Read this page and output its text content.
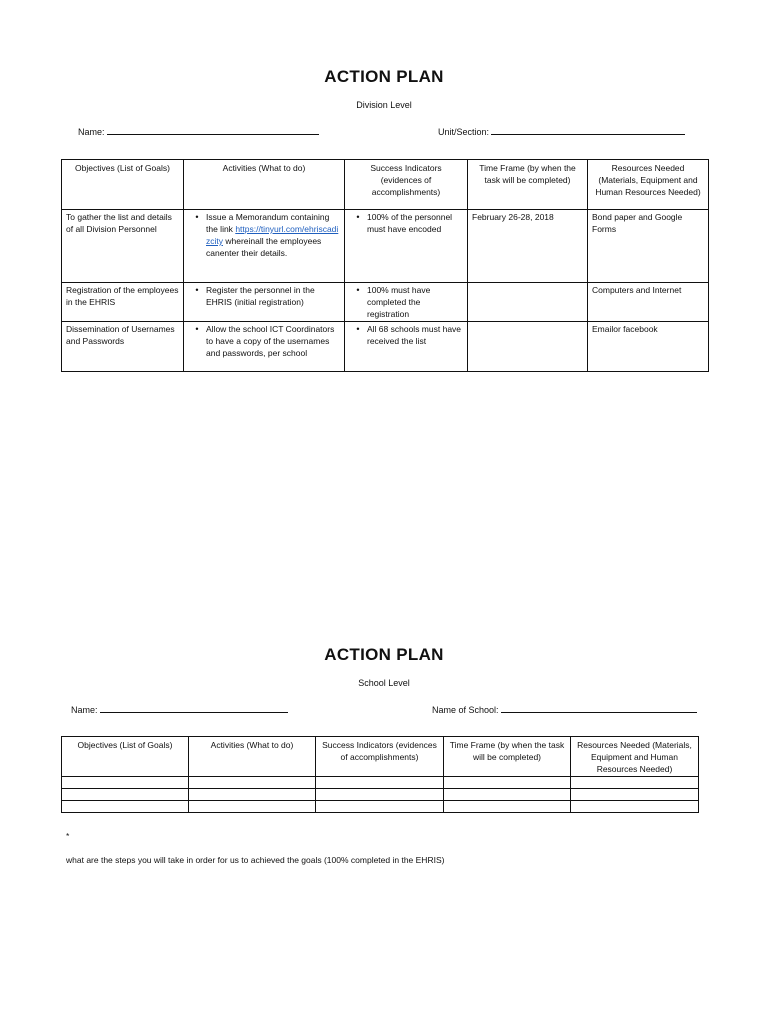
ACTION PLAN
Division Level
Name:	Unit/Section:
Objectives (List of Goals)	Activities (What to do)	Success Indicators (evidences of accomplishments)	Time Frame (by when the task will be completed)	Resources Needed (Materials, Equipment and Human Resources Needed)
To gather the list and details of all Division Personnel	• Issue a Memorandum containing the link https://tinyurl.com/ehriscadizcity whereinall the employees canenter their details.	• 100% of the personnel must have encoded	February 26-28, 2018	Bond paper and Google Forms
Registration of the employees in the EHRIS	• Register the personnel in the EHRIS (initial registration)	• 100% must have completed the registration		Computers and Internet
Dissemination of Usernames and Passwords	• Allow the school ICT Coordinators to have a copy of the usernames and passwords, per school	• All 68 schools must have received the list		Emailor facebook
ACTION PLAN
School Level
Name:	Name of School:
Objectives (List of Goals)	Activities (What to do)	Success Indicators (evidences of accomplishments)	Time Frame (by when the task will be completed)	Resources Needed (Materials, Equipment and Human Resources Needed)

*
what are the steps you will take in order for us to achieved the goals (100% completed in the EHRIS)
